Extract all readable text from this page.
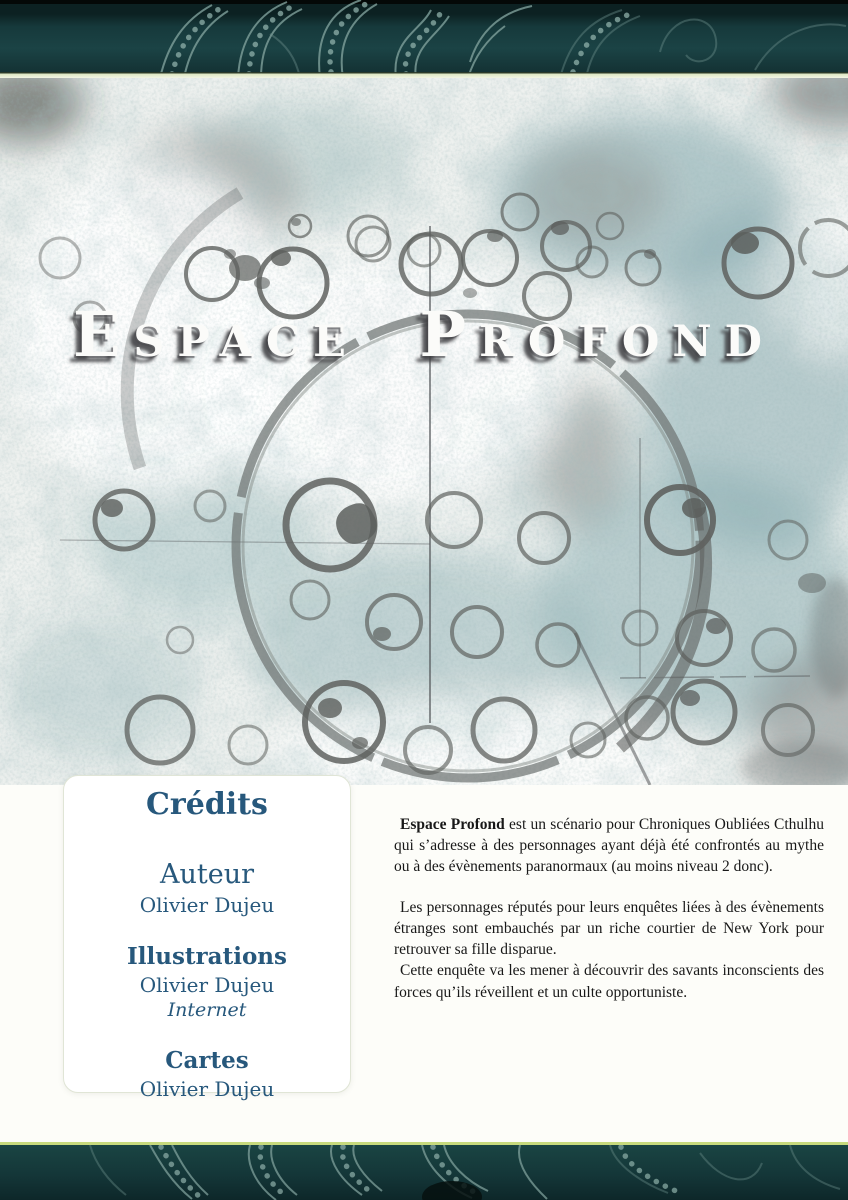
Espace Profond
Crédits
Auteur
Olivier Dujeu
Illustrations
Olivier Dujeu
Internet
Cartes
Olivier Dujeu

Espace Profond est un scénario pour Chroniques Oubliées Cthulhu qui s’adresse à des personnages ayant déjà été confrontés au mythe ou à des évènements paranormaux (au moins niveau 2 donc).

Les personnages réputés pour leurs enquêtes liées à des évènements étranges sont embauchés par un riche courtier de New York pour retrouver sa fille disparue.

Cette enquête va les mener à découvrir des savants inconscients des forces qu’ils réveillent et un culte opportuniste.
